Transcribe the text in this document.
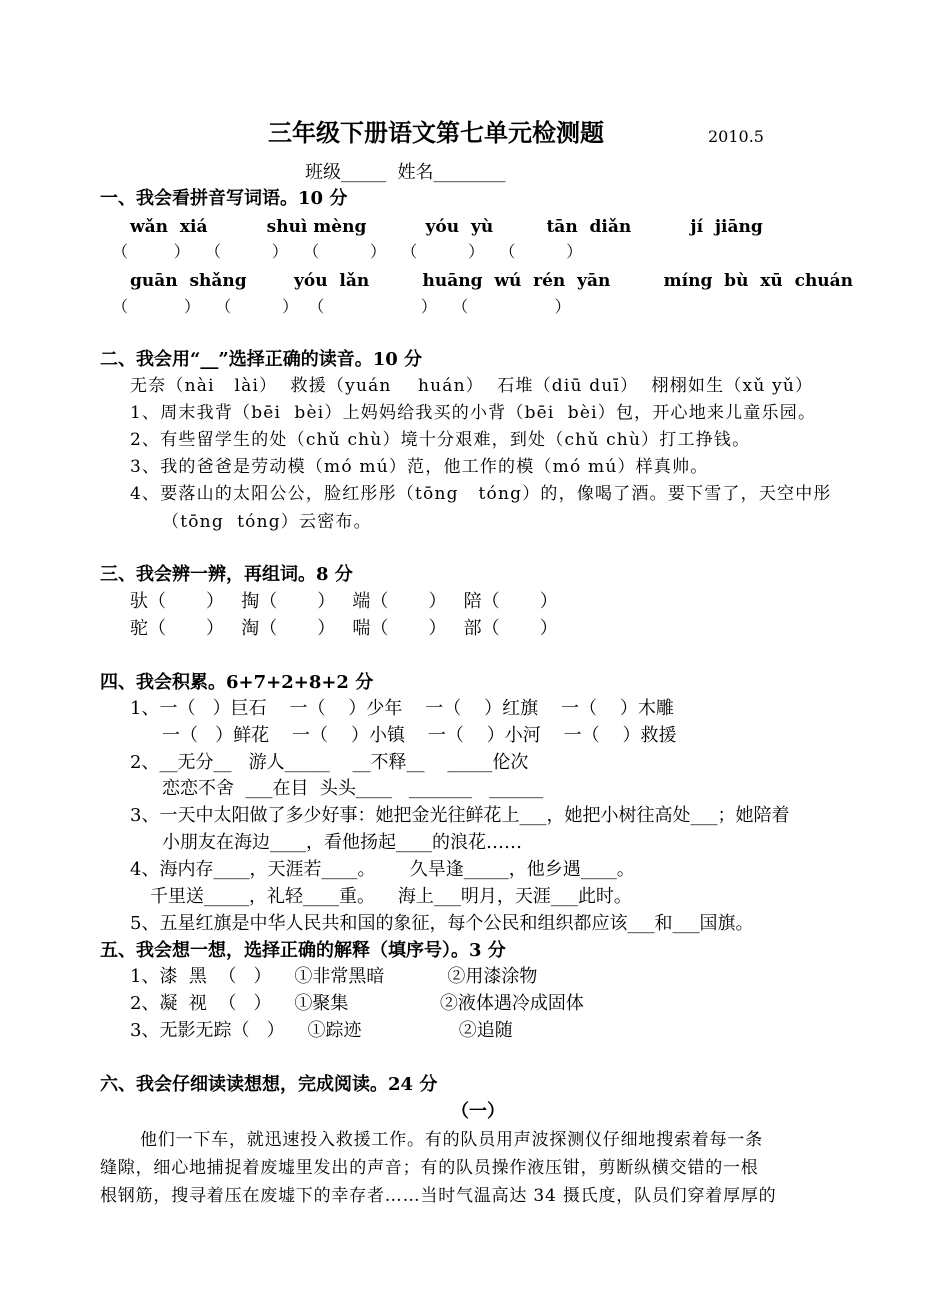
三年级下册语文第七单元检测题	2010.5
班级_____  姓名________
一、我会看拼音写词语。10 分
wǎn  xiá          shuì mèng          yóu  yù         tān  diǎn          jí  jiāng
（         ）   （          ）   （          ）   （          ）   （          ）
guān  shǎng        yóu  lǎn         huāng  wú  rén  yān         míng  bù  xū  chuán
（           ）   （          ）  （                   ）   （                 ）
二、我会用“__”选择正确的读音。10 分
无奈（nài   lài）  救援（yuán    huán）  石堆（diū duī）  栩栩如生（xǔ yǔ）
1、周末我背（bēi  bèi）上妈妈给我买的小背（bēi  bèi）包，开心地来儿童乐园。
2、有些留学生的处（chǔ chù）境十分艰难，到处（chǔ chù）打工挣钱。
3、我的爸爸是劳动模（mó mú）范，他工作的模（mó mú）样真帅。
4、要落山的太阳公公，脸红彤彤（tōng   tóng）的，像喝了酒。要下雪了，天空中彤
（tōng  tóng）云密布。
三、我会辨一辨，再组词。8 分
驮（       ）   掏（       ）   端（       ）   陪（       ）
驼（       ）   淘（       ）   喘（       ）   部（       ）
四、我会积累。6+7+2+8+2 分
1、一（   ）巨石    一（    ）少年    一（    ）红旗    一（    ）木雕
一（   ）鲜花    一（    ）小镇    一（    ）小河    一（    ）救援
2、__无分__   游人_____    __不释__    _____伦次
恋恋不舍  ___在目  头头____   _______   ______
3、一天中太阳做了多少好事：她把金光往鲜花上___，她把小树往高处___；她陪着
小朋友在海边____，看他扬起____的浪花……
4、海内存____，天涯若____。      久旱逢_____，他乡遇____。
千里送_____，礼轻____重。    海上___明月，天涯___此时。
5、五星红旗是中华人民共和国的象征，每个公民和组织都应该___和___国旗。
五、我会想一想，选择正确的解释（填序号）。3 分
1、漆  黑  （   ）    ①非常黑暗           ②用漆涂物
2、凝  视  （   ）    ①聚集                ②液体遇冷成固体
3、无影无踪（   ）    ①踪迹                 ②追随
六、我会仔细读读想想，完成阅读。24 分
（一）
他们一下车，就迅速投入救援工作。有的队员用声波探测仪仔细地搜索着每一条
缝隙，细心地捕捉着废墟里发出的声音；有的队员操作液压钳，剪断纵横交错的一根
根钢筋，搜寻着压在废墟下的幸存者……当时气温高达 34 摄氏度，队员们穿着厚厚的
